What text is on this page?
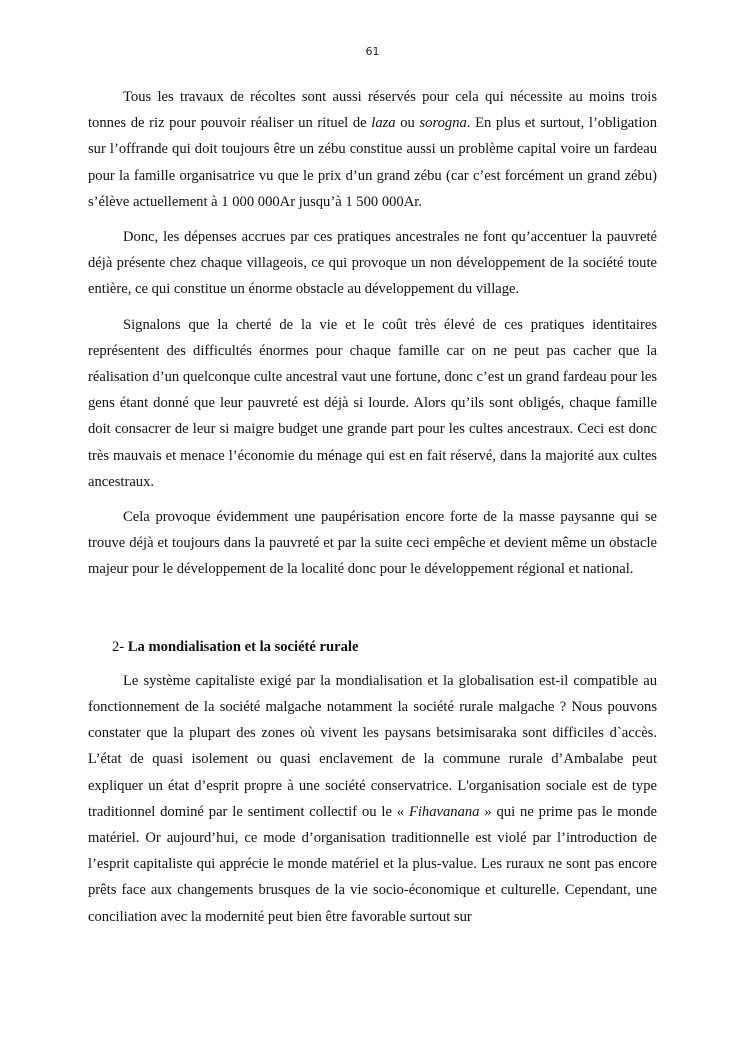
61

Tous les travaux de récoltes sont aussi réservés pour cela qui nécessite au moins trois tonnes de riz pour pouvoir réaliser un rituel de laza ou sorogna. En plus et surtout, l’obligation sur l’offrande qui doit toujours être un zébu constitue aussi un problème capital voire un fardeau pour la famille organisatrice vu que le prix d’un grand zébu (car c’est forcément un grand zébu) s’élève actuellement à 1 000 000Ar jusqu’à 1 500 000Ar.

Donc, les dépenses accrues par ces pratiques ancestrales ne font qu’accentuer la pauvreté déjà présente chez chaque villageois, ce qui provoque un non développement de la société toute entière, ce qui constitue un énorme obstacle au développement du village.

Signalons que la cherté de la vie et le coût très élevé de ces pratiques identitaires représentent des difficultés énormes pour chaque famille car on ne peut pas cacher que la réalisation d’un quelconque culte ancestral vaut une fortune, donc c’est un grand fardeau pour les gens étant donné que leur pauvreté est déjà si lourde. Alors qu’ils sont obligés, chaque famille doit consacrer de leur si maigre budget une grande part pour les cultes ancestraux. Ceci est donc très mauvais et menace l’économie du ménage qui est en fait réservé, dans la majorité aux cultes ancestraux.

Cela provoque évidemment une paupérisation encore forte de la masse paysanne qui se trouve déjà et toujours dans la pauvreté et par la suite ceci empêche et devient même un obstacle majeur pour le développement de la localité donc pour le développement régional et national.

2- La mondialisation et la société rurale

Le système capitaliste exigé par la mondialisation et la globalisation est-il compatible au fonctionnement de la société malgache notamment la société rurale malgache ? Nous pouvons constater que la plupart des zones où vivent les paysans betsimisaraka sont difficiles d`accès. L’état de quasi isolement ou quasi enclavement de la commune rurale d’Ambalabe peut expliquer un état d’esprit propre à une société conservatrice. L'organisation sociale est de type traditionnel dominé par le sentiment collectif ou le « Fihavanana » qui ne prime pas le monde matériel. Or aujourd’hui, ce mode d’organisation traditionnelle est violé par l’introduction de l’esprit capitaliste qui apprécie le monde matériel et la plus-value. Les ruraux ne sont pas encore prêts face aux changements brusques de la vie socio-économique et culturelle. Cependant, une conciliation avec la modernité peut bien être favorable surtout sur
